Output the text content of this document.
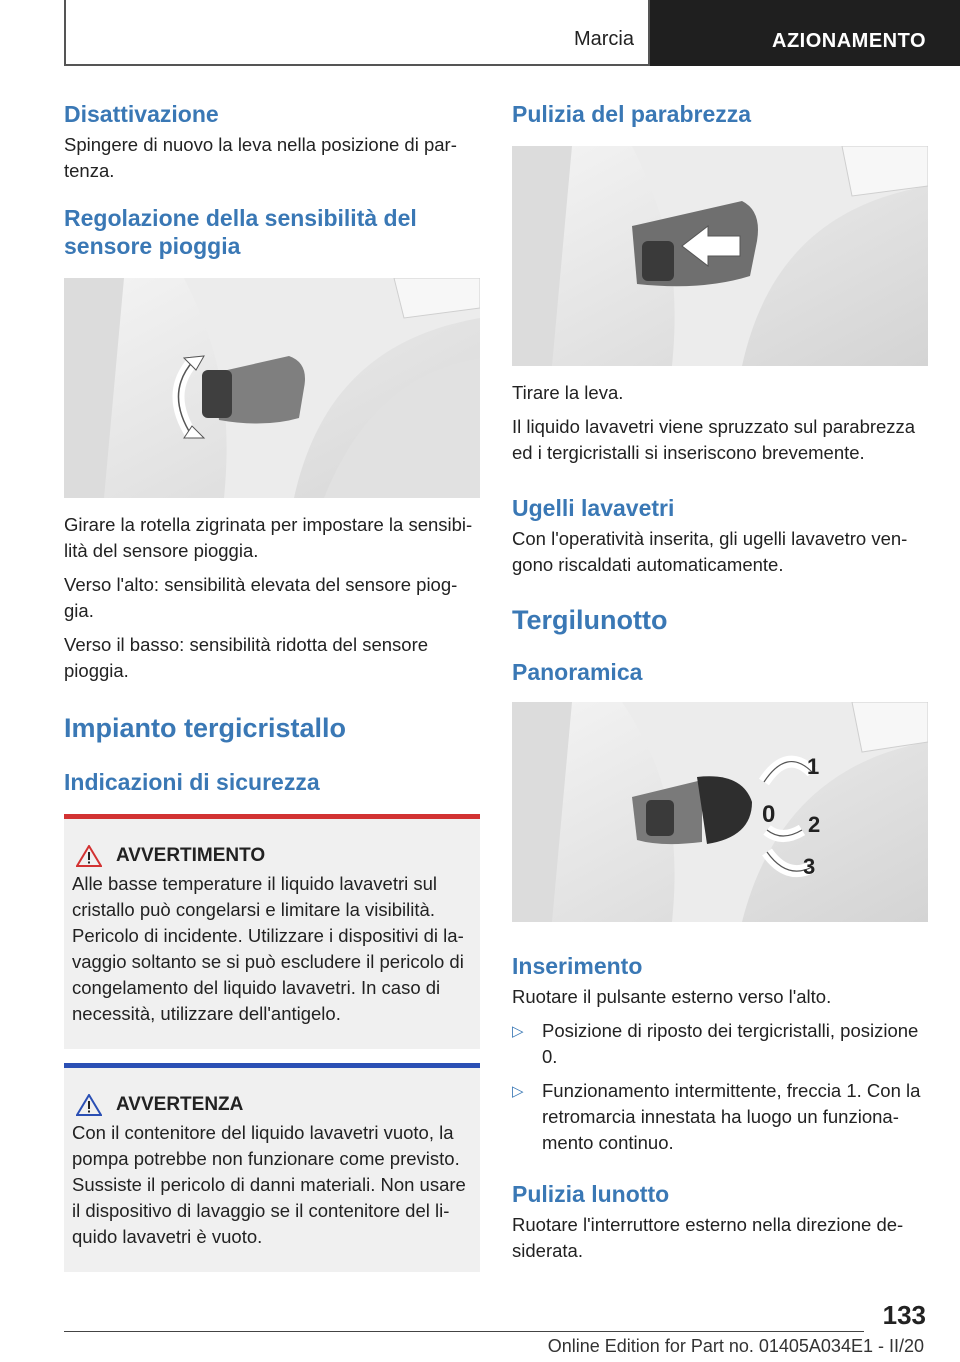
Marcia	AZIONAMENTO
Disattivazione

Spingere di nuovo la leva nella posizione di par-tenza.

Regolazione della sensibilità del sensore pioggia

Girare la rotella zigrinata per impostare la sensibi-lità del sensore pioggia.

Verso l'alto: sensibilità elevata del sensore piog-gia.

Verso il basso: sensibilità ridotta del sensore pioggia.

Impianto tergicristallo
Indicazioni di sicurezza
AVVERTIMENTO

Alle basse temperature il liquido lavavetri sul cristallo può congelarsi e limitare la visibilità. Pericolo di incidente. Utilizzare i dispositivi di la-vaggio soltanto se si può escludere il pericolo di congelamento del liquido lavavetri. In caso di necessità, utilizzare dell'antigelo.

AVVERTENZA

Con il contenitore del liquido lavavetri vuoto, la pompa potrebbe non funzionare come previsto. Sussiste il pericolo di danni materiali. Non usare il dispositivo di lavaggio se il contenitore del li-quido lavavetri è vuoto.

Pulizia del parabrezza

Tirare la leva.

Il liquido lavavetri viene spruzzato sul parabrezza ed i tergicristalli si inseriscono brevemente.

Ugelli lavavetri

Con l'operatività inserita, gli ugelli lavavetro ven-gono riscaldati automaticamente.

Tergilunotto
Panoramica
1
0 2
3
Inserimento

Ruotare il pulsante esterno verso l'alto.

▷ Posizione di riposto dei tergicristalli, posizione 0.
▷ Funzionamento intermittente, freccia 1. Con la retromarcia innestata ha luogo un funziona-mento continuo.
Pulizia lunotto

Ruotare l'interruttore esterno nella direzione de-siderata.

133
Online Edition for Part no. 01405A034E1 - II/20
